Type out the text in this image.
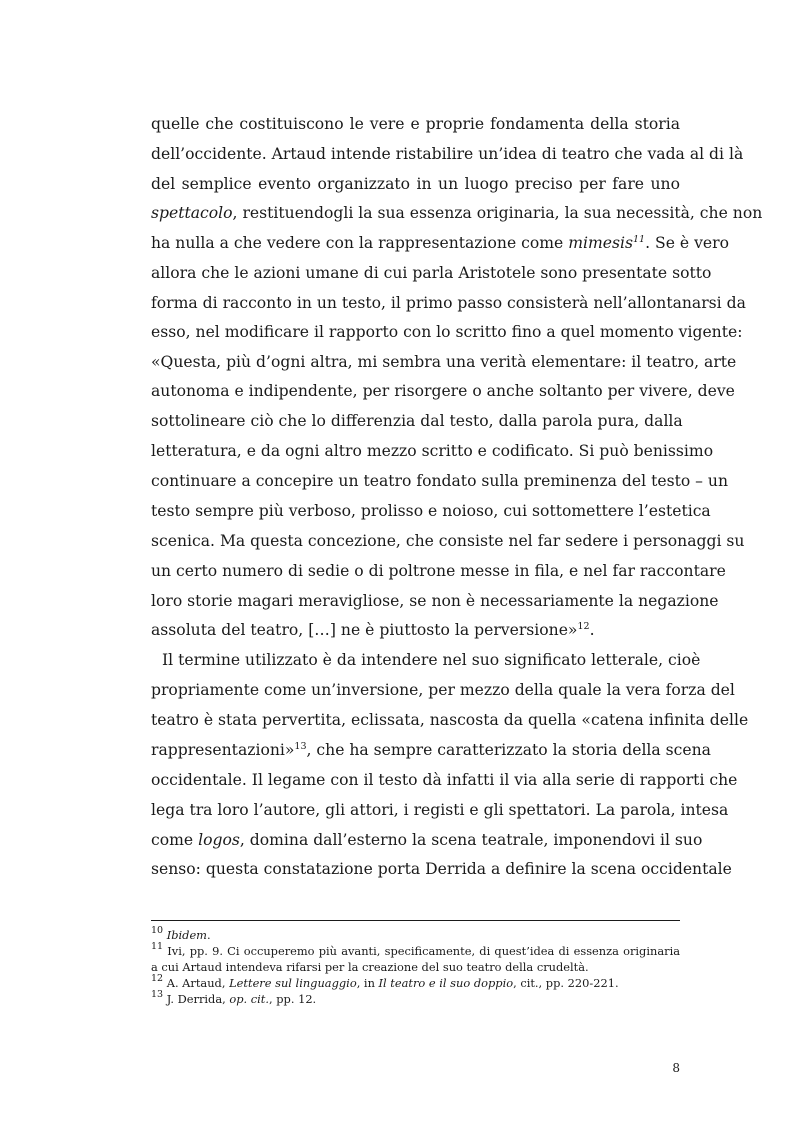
quelle che costituiscono le vere e proprie fondamenta della storia
dell’occidente. Artaud intende ristabilire un’idea di teatro che vada al di là
del semplice evento organizzato in un luogo preciso per fare uno
spettacolo, restituendogli la sua essenza originaria, la sua necessità, che non
ha nulla a che vedere con la rappresentazione come mimesis$^{11}$. Se è vero
allora che le azioni umane di cui parla Aristotele sono presentate sotto
forma di racconto in un testo, il primo passo consisterà nell’allontanarsi da
esso, nel modificare il rapporto con lo scritto fino a quel momento vigente:
«Questa, più d’ogni altra, mi sembra una verità elementare: il teatro, arte
autonoma e indipendente, per risorgere o anche soltanto per vivere, deve
sottolineare ciò che lo differenzia dal testo, dalla parola pura, dalla
letteratura, e da ogni altro mezzo scritto e codificato. Si può benissimo
continuare a concepire un teatro fondato sulla preminenza del testo – un
testo sempre più verboso, prolisso e noioso, cui sottomettere l’estetica
scenica. Ma questa concezione, che consiste nel far sedere i personaggi su
un certo numero di sedie o di poltrone messe in fila, e nel far raccontare
loro storie magari meravigliose, se non è necessariamente la negazione
assoluta del teatro, […] ne è piuttosto la perversione»$^{12}$.
Il termine utilizzato è da intendere nel suo significato letterale, cioè
propriamente come un’inversione, per mezzo della quale la vera forza del
teatro è stata pervertita, eclissata, nascosta da quella «catena infinita delle
rappresentazioni»$^{13}$, che ha sempre caratterizzato la storia della scena
occidentale. Il legame con il testo dà infatti il via alla serie di rapporti che
lega tra loro l’autore, gli attori, i registi e gli spettatori. La parola, intesa
come logos, domina dall’esterno la scena teatrale, imponendovi il suo
senso: questa constatazione porta Derrida a definire la scena occidentale
$^{10}$ Ibidem.
$^{11}$ Ivi, pp. 9. Ci occuperemo più avanti, specificamente, di quest’idea di essenza originaria
a cui Artaud intendeva rifarsi per la creazione del suo teatro della crudeltà.
$^{12}$ A. Artaud, Lettere sul linguaggio, in Il teatro e il suo doppio, cit., pp. 220-221.
$^{13}$ J. Derrida, op. cit., pp. 12.
8
